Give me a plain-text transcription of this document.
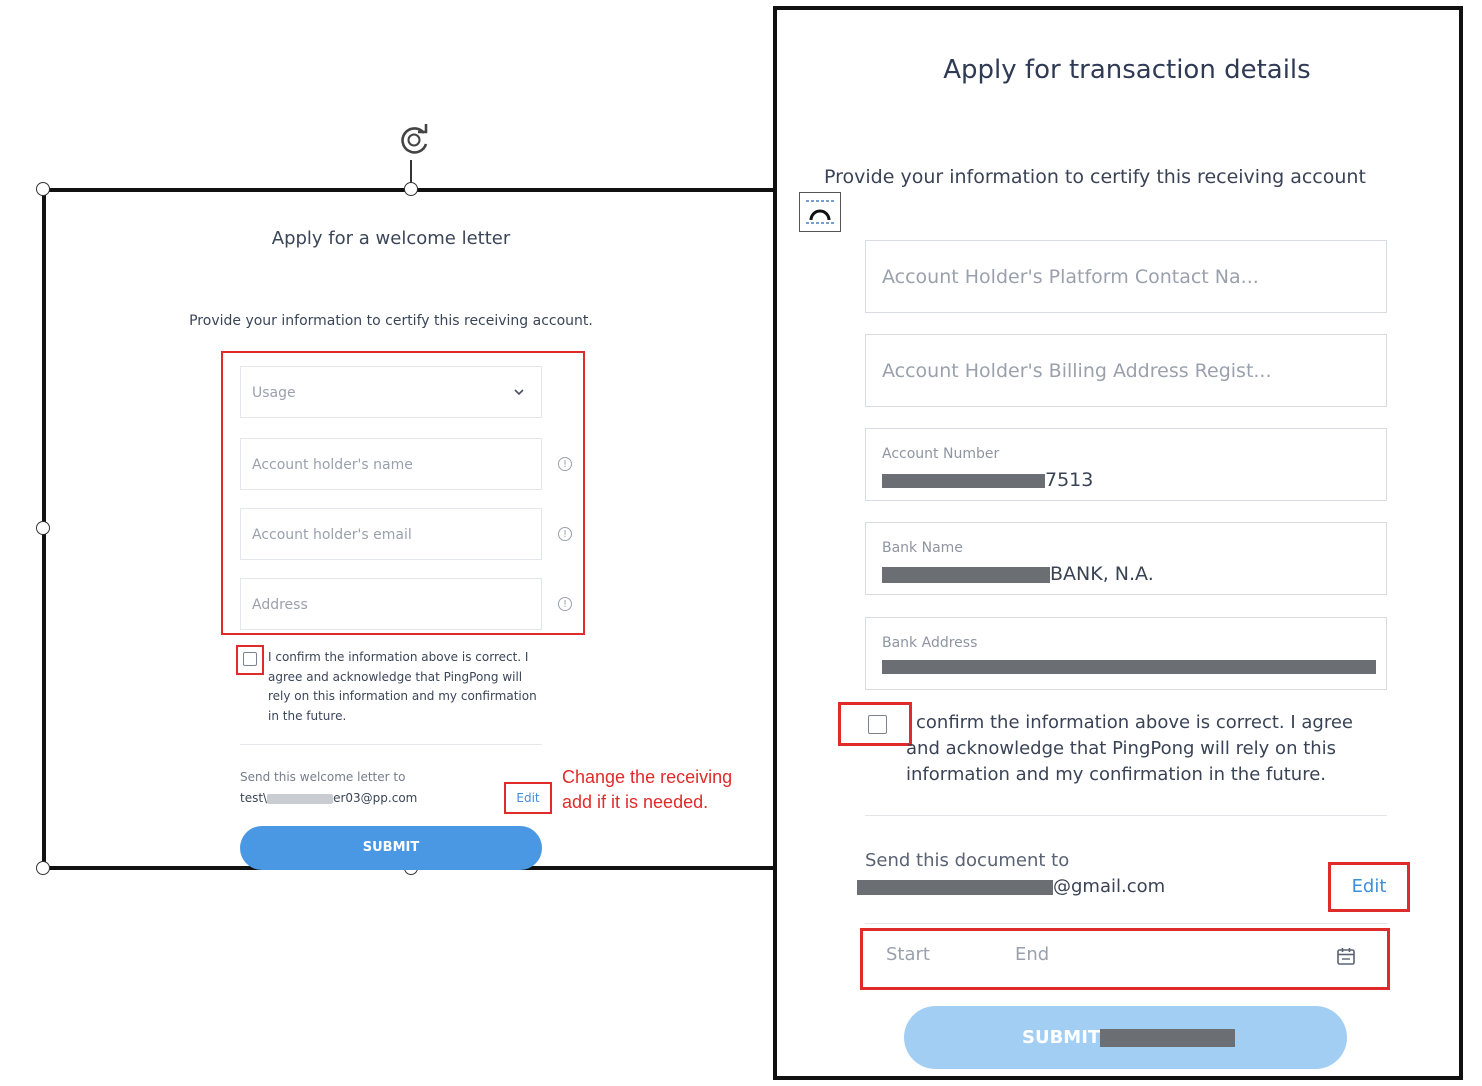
Apply for a welcome letter
Provide your information to certify this receiving account.
Usage
Account holder's name	!
Account holder's email	!
Address	!
I confirm the information above is correct. I agree and acknowledge that PingPong will rely on this information and my confirmation in the future.
Send this welcome letter to
test\	er03@pp.com	Edit
Change the receiving
add if it is needed.
SUBMIT
Apply for transaction details
Provide your information to certify this receiving account
Account Holder's Platform Contact Na...
Account Holder's Billing Address Regist...
Account Number
7513
Bank Name
BANK, N.A.
Bank Address
confirm the information above is correct. I agree and acknowledge that PingPong will rely on this information and my confirmation in the future.
Send this document to
@gmail.com	Edit
Start	End
SUBMIT
